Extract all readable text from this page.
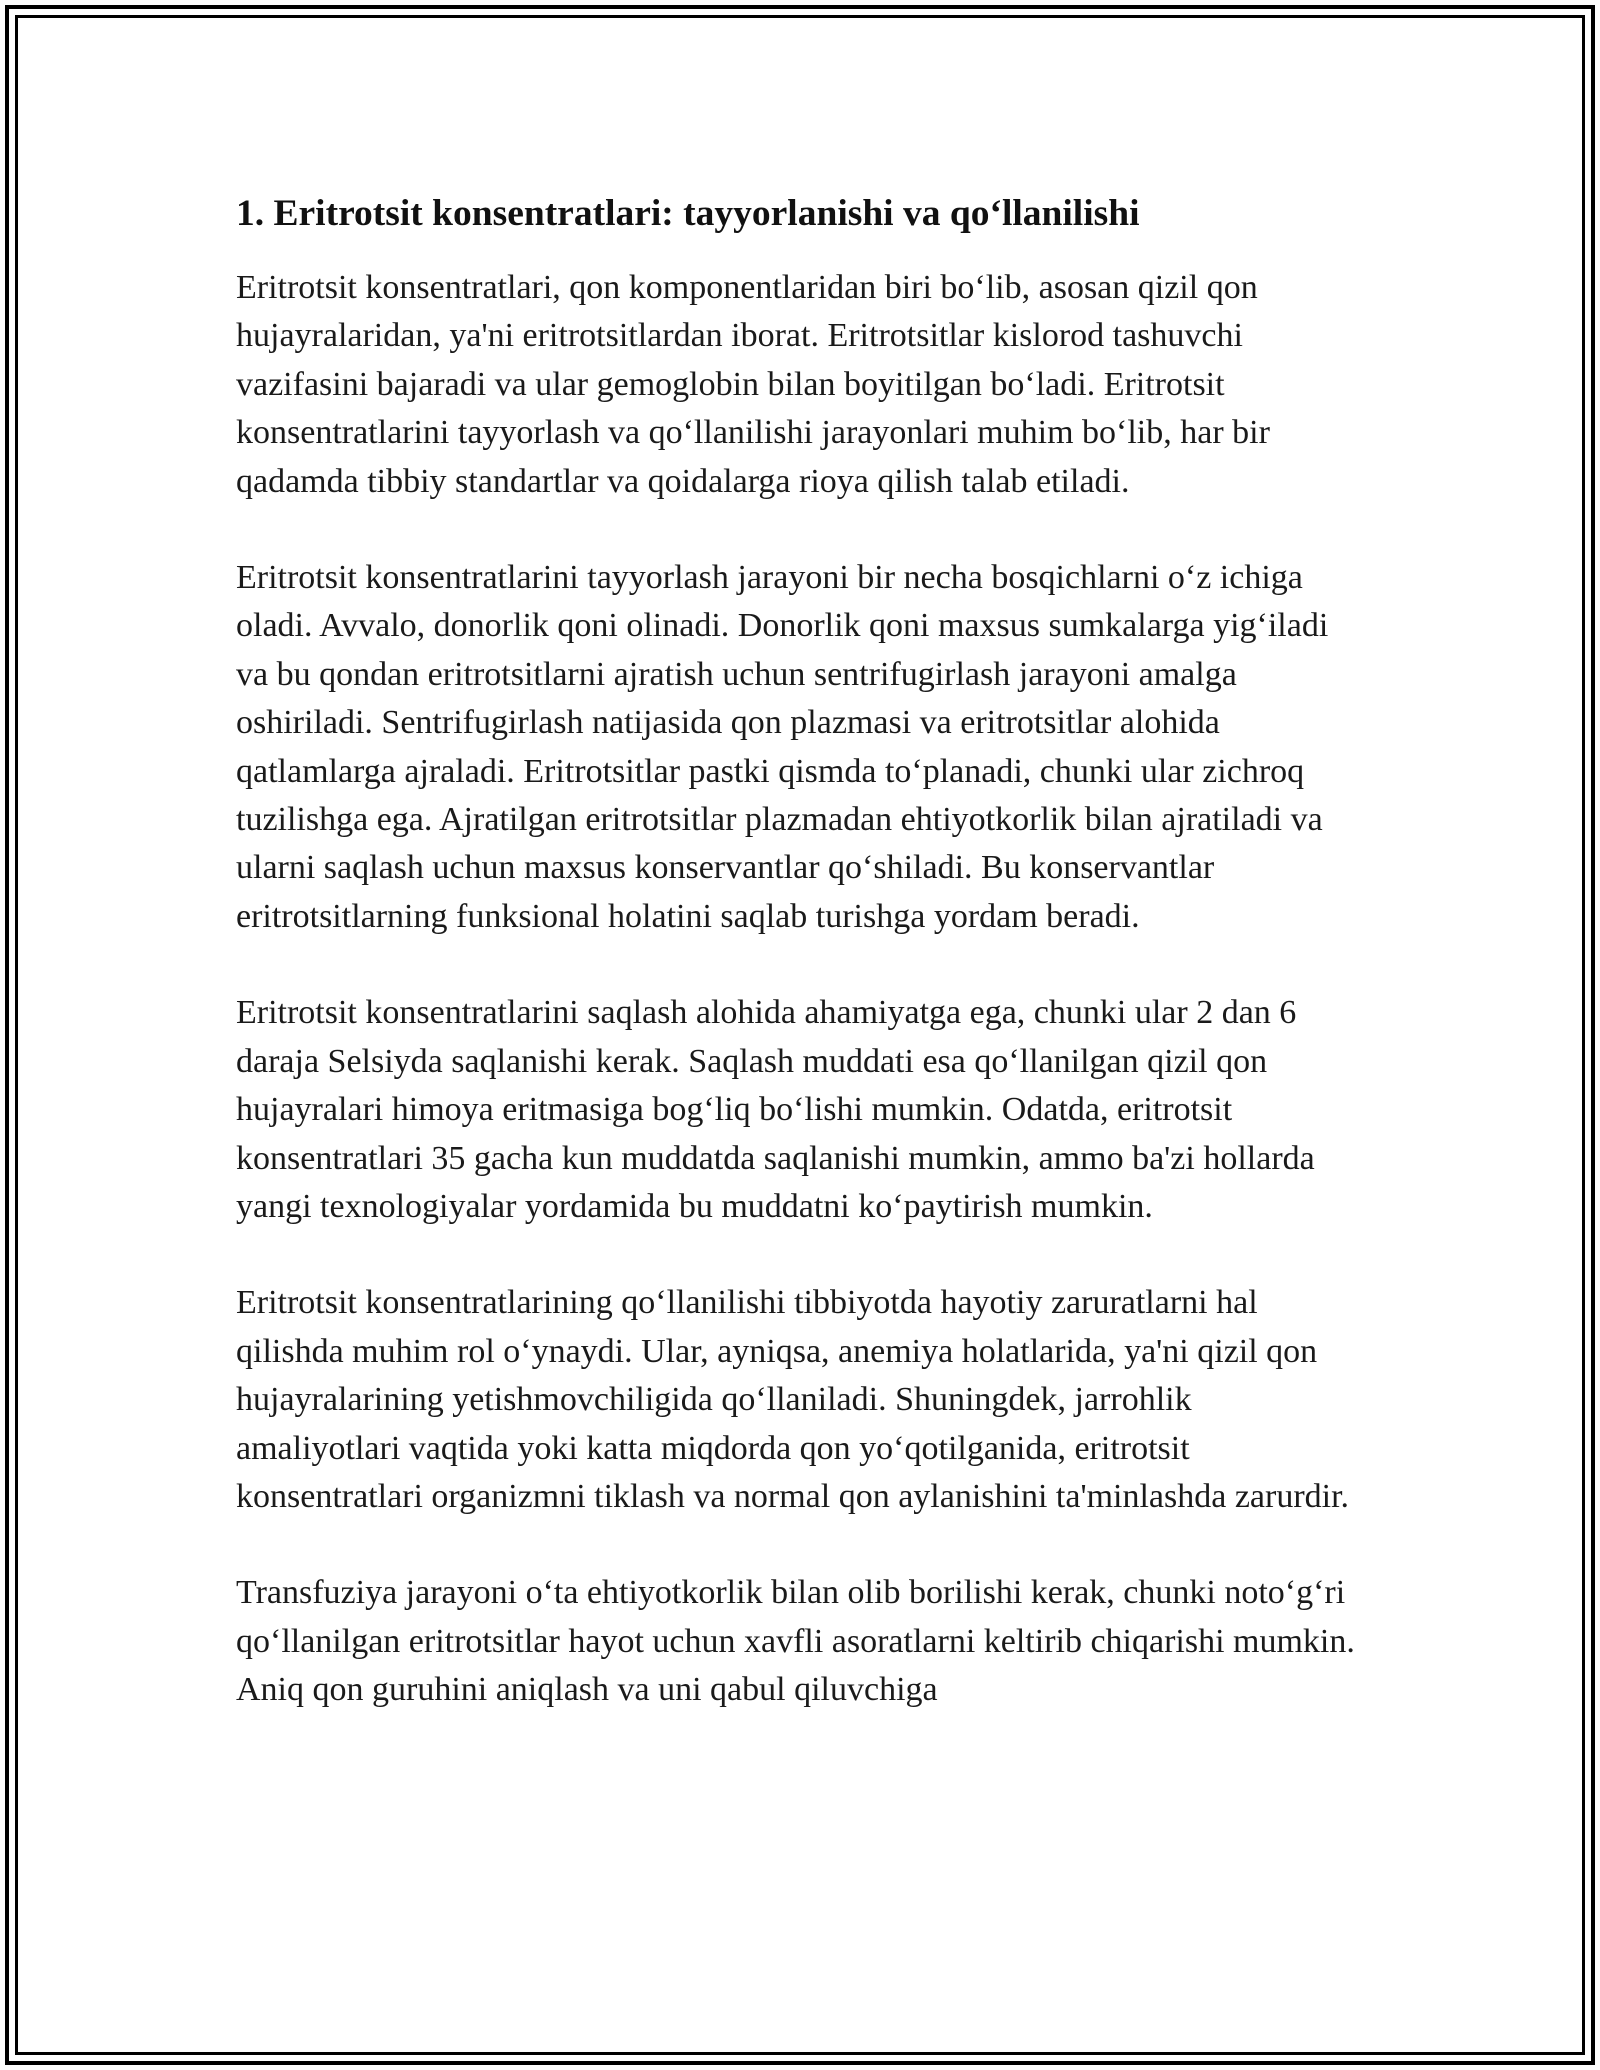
1. Eritrotsit konsentratlari: tayyorlanishi va qo‘llanilishi

Eritrotsit konsentratlari, qon komponentlaridan biri bo‘lib, asosan qizil qon hujayralaridan, ya'ni eritrotsitlardan iborat. Eritrotsitlar kislorod tashuvchi vazifasini bajaradi va ular gemoglobin bilan boyitilgan bo‘ladi. Eritrotsit konsentratlarini tayyorlash va qo‘llanilishi jarayonlari muhim bo‘lib, har bir qadamda tibbiy standartlar va qoidalarga rioya qilish talab etiladi.

Eritrotsit konsentratlarini tayyorlash jarayoni bir necha bosqichlarni o‘z ichiga oladi. Avvalo, donorlik qoni olinadi. Donorlik qoni maxsus sumkalarga yig‘iladi va bu qondan eritrotsitlarni ajratish uchun sentrifugirlash jarayoni amalga oshiriladi. Sentrifugirlash natijasida qon plazmasi va eritrotsitlar alohida qatlamlarga ajraladi. Eritrotsitlar pastki qismda to‘planadi, chunki ular zichroq tuzilishga ega. Ajratilgan eritrotsitlar plazmadan ehtiyotkorlik bilan ajratiladi va ularni saqlash uchun maxsus konservantlar qo‘shiladi. Bu konservantlar eritrotsitlarning funksional holatini saqlab turishga yordam beradi.

Eritrotsit konsentratlarini saqlash alohida ahamiyatga ega, chunki ular 2 dan 6 daraja Selsiyda saqlanishi kerak. Saqlash muddati esa qo‘llanilgan qizil qon hujayralari himoya eritmasiga bog‘liq bo‘lishi mumkin. Odatda, eritrotsit konsentratlari 35 gacha kun muddatda saqlanishi mumkin, ammo ba'zi hollarda yangi texnologiyalar yordamida bu muddatni ko‘paytirish mumkin.

Eritrotsit konsentratlarining qo‘llanilishi tibbiyotda hayotiy zaruratlarni hal qilishda muhim rol o‘ynaydi. Ular, ayniqsa, anemiya holatlarida, ya'ni qizil qon hujayralarining yetishmovchiligida qo‘llaniladi. Shuningdek, jarrohlik amaliyotlari vaqtida yoki katta miqdorda qon yo‘qotilganida, eritrotsit konsentratlari organizmni tiklash va normal qon aylanishini ta'minlashda zarurdir.

Transfuziya jarayoni o‘ta ehtiyotkorlik bilan olib borilishi kerak, chunki noto‘g‘ri qo‘llanilgan eritrotsitlar hayot uchun xavfli asoratlarni keltirib chiqarishi mumkin. Aniq qon guruhini aniqlash va uni qabul qiluvchiga
